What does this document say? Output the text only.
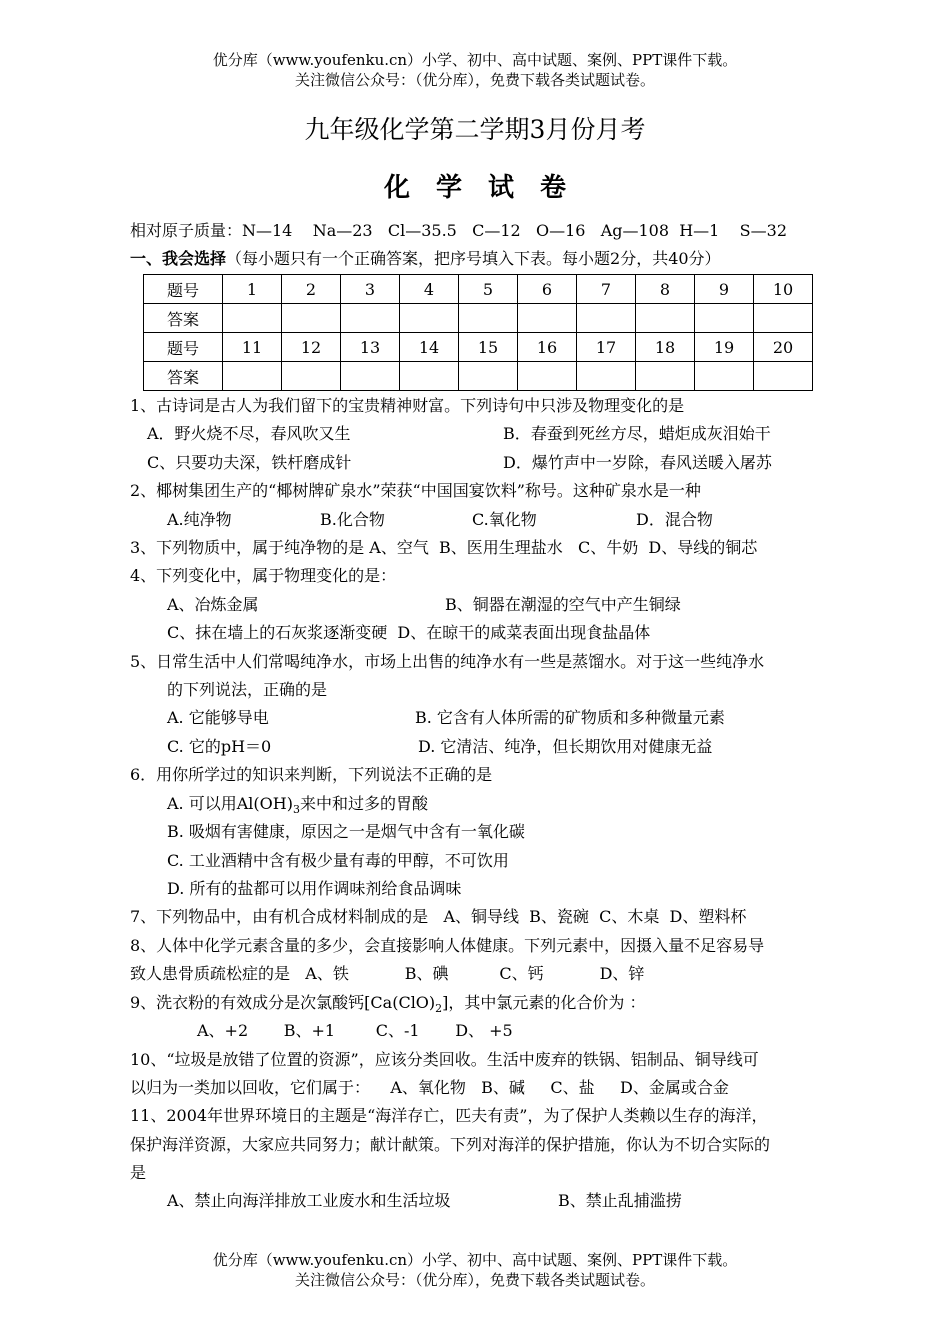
优分库（www.youfenku.cn）小学、初中、高中试题、案例、PPT课件下载。
关注微信公众号：（优分库），免费下载各类试题试卷。
九年级化学第二学期3月份月考
化学试卷
相对原子质量：N—14    Na—23   Cl—35.5   C—12   O—16   Ag—108  H—1    S—32
一、我会选择（每小题只有一个正确答案，把序号填入下表。每小题2分，共40分）
题号	1	2	3	4	5	6	7	8	9	10
答案										
题号	11	12	13	14	15	16	17	18	19	20
答案										
1、古诗词是古人为我们留下的宝贵精神财富。下列诗句中只涉及物理变化的是
A．野火烧不尽，春风吹又生	B．春蚕到死丝方尽，蜡炬成灰泪始干
C、只要功夫深，铁杆磨成针	D．爆竹声中一岁除，春风送暖入屠苏
2、椰树集团生产的“椰树牌矿泉水”荣获“中国国宴饮料”称号。这种矿泉水是一种
A.纯净物	B.化合物	C.氧化物	D．混合物
3、下列物质中，属于纯净物的是 A、空气  B、医用生理盐水   C、牛奶  D、导线的铜芯
4、下列变化中，属于物理变化的是：
A、冶炼金属	B、铜器在潮湿的空气中产生铜绿
C、抹在墙上的石灰浆逐渐变硬  D、在晾干的咸菜表面出现食盐晶体
5、日常生活中人们常喝纯净水，市场上出售的纯净水有一些是蒸馏水。对于这一些纯净水
的下列说法，正确的是
A. 它能够导电	B. 它含有人体所需的矿物质和多种微量元素
C. 它的pH＝0	D. 它清洁、纯净，但长期饮用对健康无益
6．用你所学过的知识来判断，下列说法不正确的是
A. 可以用$Al(OH)_3$来中和过多的胃酸
B. 吸烟有害健康，原因之一是烟气中含有一氧化碳
C. 工业酒精中含有极少量有毒的甲醇，不可饮用
D. 所有的盐都可以用作调味剂给食品调味
7、下列物品中，由有机合成材料制成的是   A、铜导线  B、瓷碗  C、木桌  D、塑料杯
8、人体中化学元素含量的多少，会直接影响人体健康。下列元素中，因摄入量不足容易导
致人患骨质疏松症的是   A、铁           B、碘          C、钙           D、锌
9、洗衣粉的有效成分是次氯酸钙$[Ca(ClO)_2]$，其中氯元素的化合价为 ：
A、+2       B、+1        C、-1       D、 +5
10、“垃圾是放错了位置的资源”，应该分类回收。生活中废弃的铁锅、铝制品、铜导线可
以归为一类加以回收，它们属于：    A、氧化物   B、碱     C、盐     D、金属或合金
11、2004年世界环境日的主题是“海洋存亡，匹夫有责”，为了保护人类赖以生存的海洋，
保护海洋资源，大家应共同努力；献计献策。下列对海洋的保护措施，你认为不切合实际的
是
A、禁止向海洋排放工业废水和生活垃圾	B、禁止乱捕滥捞
优分库（www.youfenku.cn）小学、初中、高中试题、案例、PPT课件下载。
关注微信公众号：（优分库），免费下载各类试题试卷。
